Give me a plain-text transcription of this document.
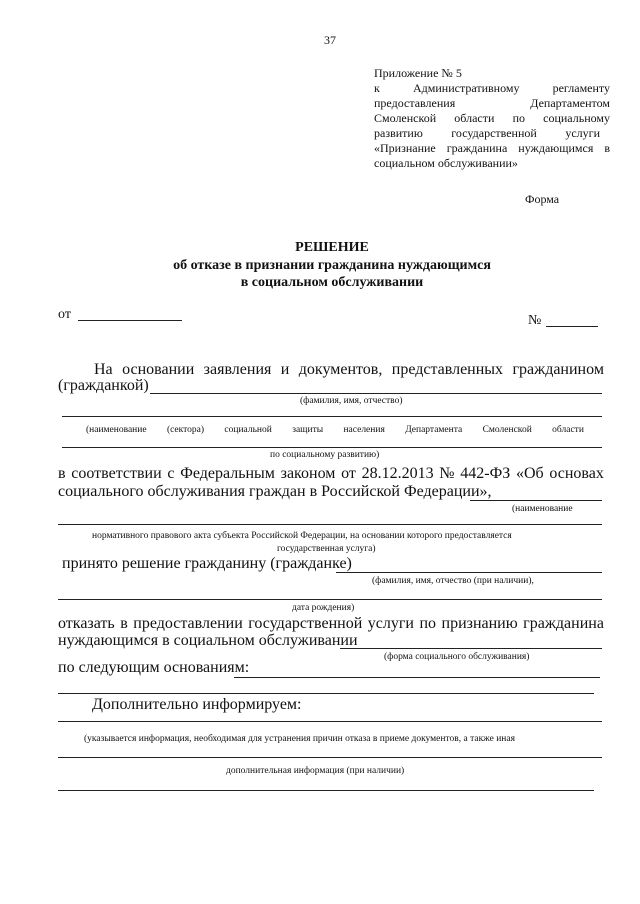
37
Приложение № 5
к	Административному	регламенту
предоставления	Департаментом
Смоленской области по социальному
развитию государственной услуги
«Признание гражданина нуждающимся в
социальном обслуживании»
Форма
РЕШЕНИЕ
об отказе в признании гражданина нуждающимся
в социальном обслуживании
от	№
На основании заявления и документов, представленных гражданином
(гражданкой)
(фамилия, имя, отчество)
(наименование (сектора) социальной защиты населения Департамента Смоленской области
по социальному развитию)
в соответствии с Федеральным законом от 28.12.2013 № 442-ФЗ «Об основах
социального обслуживания граждан в Российской Федерации»,
(наименование
нормативного правового акта субъекта Российской Федерации, на основании которого предоставляется
государственная услуга)
принято решение гражданину (гражданке)
(фамилия, имя, отчество (при наличии),
дата рождения)
отказать в предоставлении государственной услуги по признанию гражданина
нуждающимся в социальном обслуживании
(форма социального обслуживания)
по следующим основаниям:
Дополнительно информируем:
(указывается информация, необходимая для устранения причин отказа в приеме документов, а также иная
дополнительная информация (при наличии)
